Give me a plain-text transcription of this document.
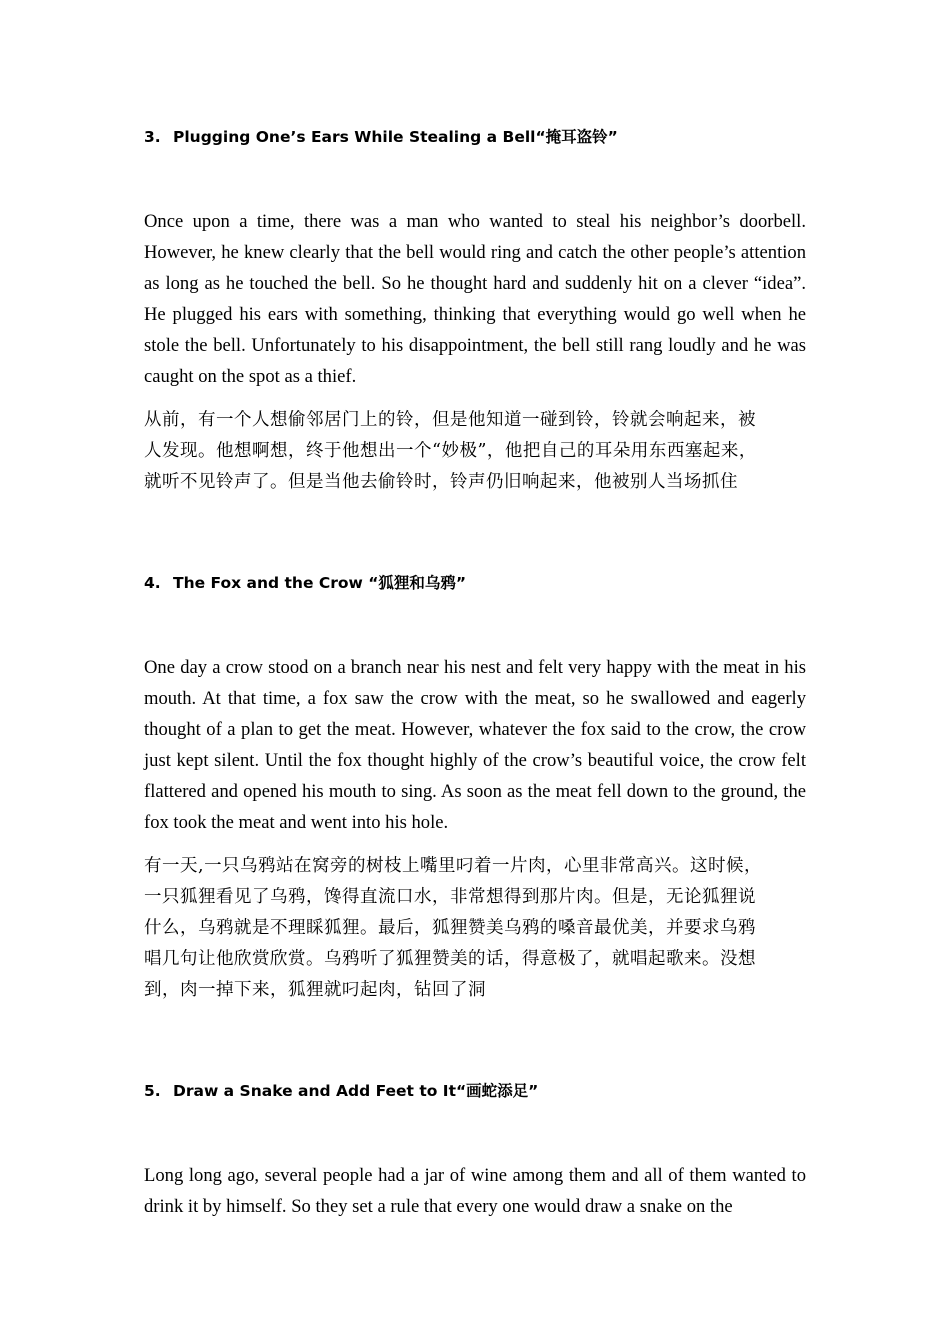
3. Plugging One’s Ears While Stealing a Bell“掩耳盗铃”

Once upon a time, there was a man who wanted to steal his neighbor’s doorbell. However, he knew clearly that the bell would ring and catch the other people’s attention as long as he touched the bell. So he thought hard and suddenly hit on a clever “idea”. He plugged his ears with something, thinking that everything would go well when he stole the bell. Unfortunately to his disappointment, the bell still rang loudly and he was caught on the spot as a thief.

从前，有一个人想偷邻居门上的铃，但是他知道一碰到铃，铃就会响起来，被
人发现。他想啊想，终于他想出一个“妙极”，他把自己的耳朵用东西塞起来，
就听不见铃声了。但是当他去偷铃时，铃声仍旧响起来，他被别人当场抓住

4. The Fox and the Crow “狐狸和乌鸦”

One day a crow stood on a branch near his nest and felt very happy with the meat in his mouth. At that time, a fox saw the crow with the meat, so he swallowed and eagerly thought of a plan to get the meat. However, whatever the fox said to the crow, the crow just kept silent. Until the fox thought highly of the crow’s beautiful voice, the crow felt flattered and opened his mouth to sing. As soon as the meat fell down to the ground, the fox took the meat and went into his hole.

有一天,一只乌鸦站在窝旁的树枝上嘴里叼着一片肉，心里非常高兴。这时候，
一只狐狸看见了乌鸦，馋得直流口水，非常想得到那片肉。但是，无论狐狸说
什么，乌鸦就是不理睬狐狸。最后，狐狸赞美乌鸦的嗓音最优美，并要求乌鸦
唱几句让他欣赏欣赏。乌鸦听了狐狸赞美的话，得意极了，就唱起歌来。没想
到，肉一掉下来，狐狸就叼起肉，钻回了洞

5. Draw a Snake and Add Feet to It“画蛇添足”

Long long ago, several people had a jar of wine among them and all of them wanted to drink it by himself. So they set a rule that every one would draw a snake on the
